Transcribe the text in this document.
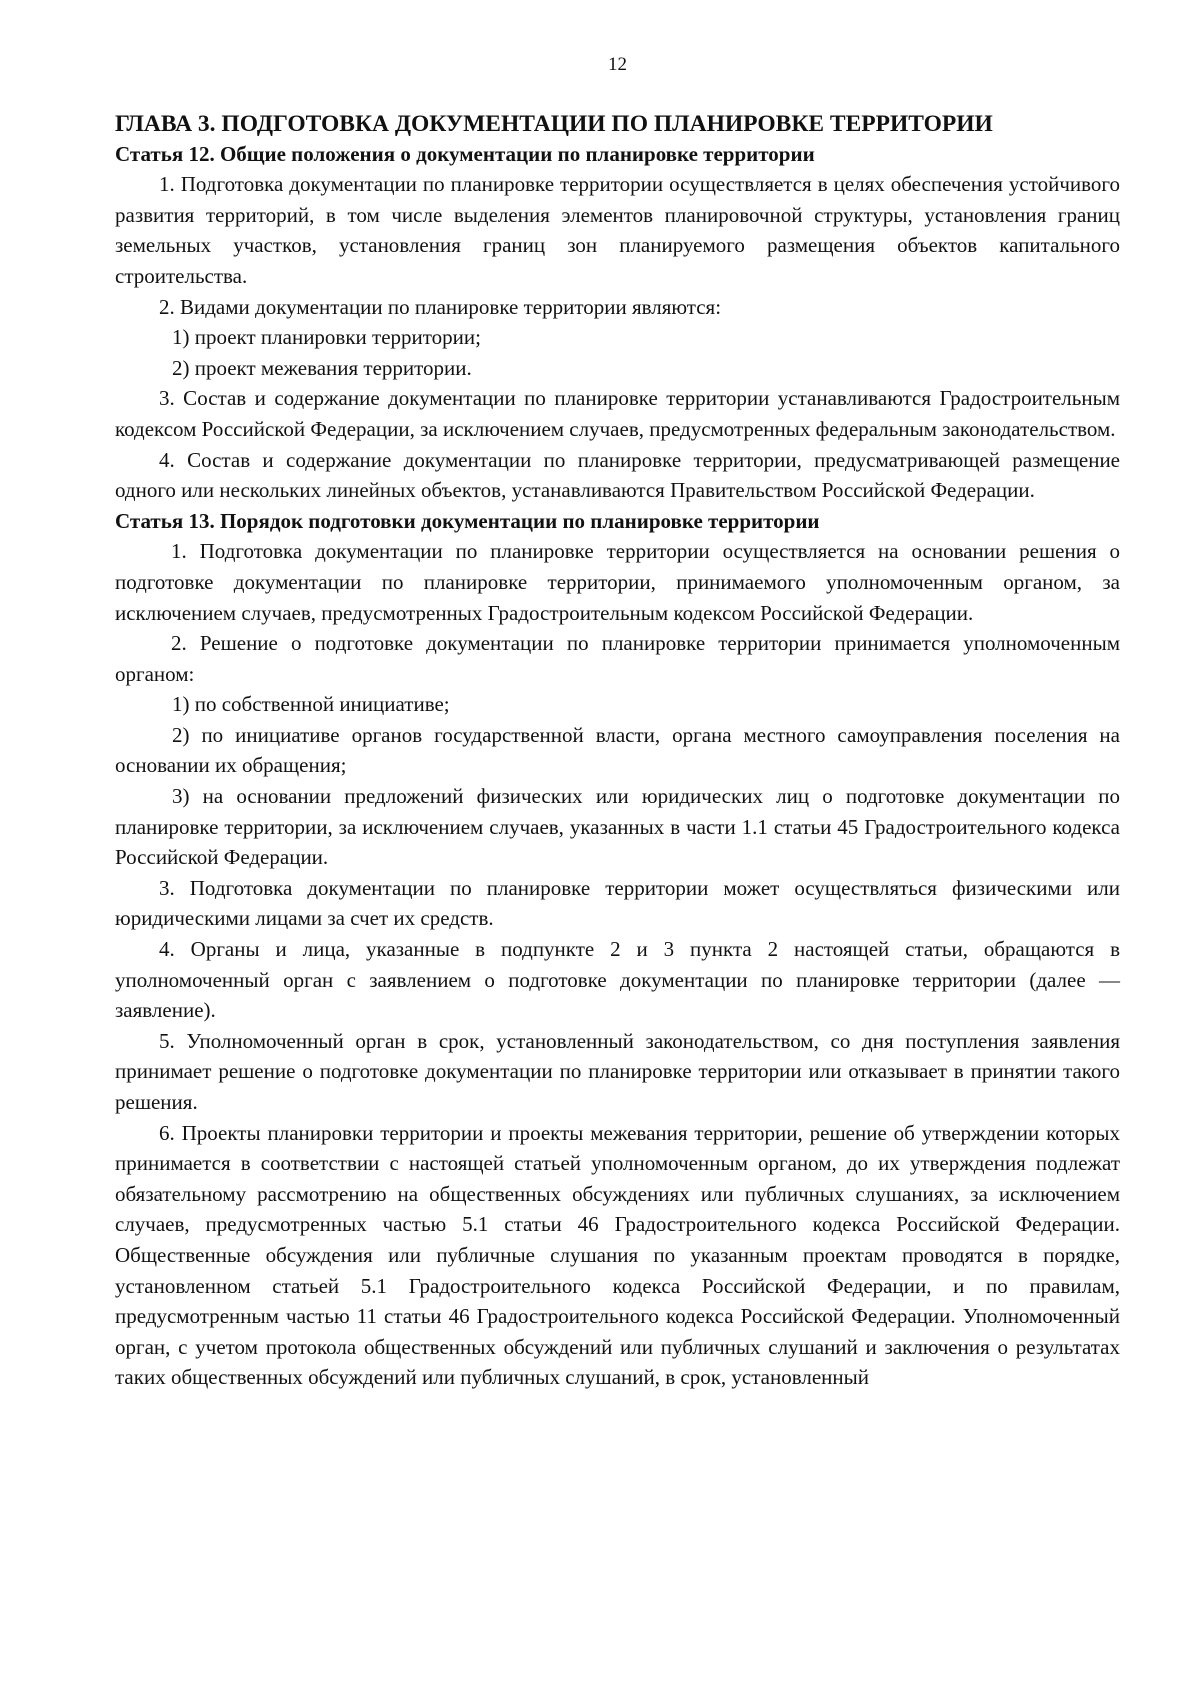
12
ГЛАВА 3. ПОДГОТОВКА ДОКУМЕНТАЦИИ ПО ПЛАНИРОВКЕ ТЕРРИТОРИИ
Статья 12. Общие положения о документации по планировке территории

1. Подготовка документации по планировке территории осуществляется в целях обеспечения устойчивого развития территорий, в том числе выделения элементов планировочной структуры, установления границ земельных участков, установления границ зон планируемого размещения объектов капитального строительства.

2. Видами документации по планировке территории являются:

1) проект планировки территории;

2) проект межевания территории.

3. Состав и содержание документации по планировке территории устанавливаются Градостроительным кодексом Российской Федерации, за исключением случаев, предусмотренных федеральным законодательством.

4. Состав и содержание документации по планировке территории, предусматривающей размещение одного или нескольких линейных объектов, устанавливаются Правительством Российской Федерации.

Статья 13. Порядок подготовки документации по планировке территории

1. Подготовка документации по планировке территории осуществляется на основании решения о подготовке документации по планировке территории, принимаемого уполномоченным органом, за исключением случаев, предусмотренных Градостроительным кодексом Российской Федерации.

2. Решение о подготовке документации по планировке территории принимается уполномоченным органом:

1) по собственной инициативе;

2) по инициативе органов государственной власти, органа местного самоуправления поселения на основании их обращения;

3) на основании предложений физических или юридических лиц о подготовке документации по планировке территории, за исключением случаев, указанных в части 1.1 статьи 45 Градостроительного кодекса Российской Федерации.

3. Подготовка документации по планировке территории может осуществляться физическими или юридическими лицами за счет их средств.

4. Органы и лица, указанные в подпункте 2 и 3 пункта 2 настоящей статьи, обращаются в уполномоченный орган с заявлением о подготовке документации по планировке территории (далее — заявление).

5. Уполномоченный орган в срок, установленный законодательством, со дня поступления заявления принимает решение о подготовке документации по планировке территории или отказывает в принятии такого решения.

6. Проекты планировки территории и проекты межевания территории, решение об утверждении которых принимается в соответствии с настоящей статьей уполномоченным органом, до их утверждения подлежат обязательному рассмотрению на общественных обсуждениях или публичных слушаниях, за исключением случаев, предусмотренных частью 5.1 статьи 46 Градостроительного кодекса Российской Федерации. Общественные обсуждения или публичные слушания по указанным проектам проводятся в порядке, установленном статьей 5.1 Градостроительного кодекса Российской Федерации, и по правилам, предусмотренным частью 11 статьи 46 Градостроительного кодекса Российской Федерации. Уполномоченный орган, с учетом протокола общественных обсуждений или публичных слушаний и заключения о результатах таких общественных обсуждений или публичных слушаний, в срок, установленный
